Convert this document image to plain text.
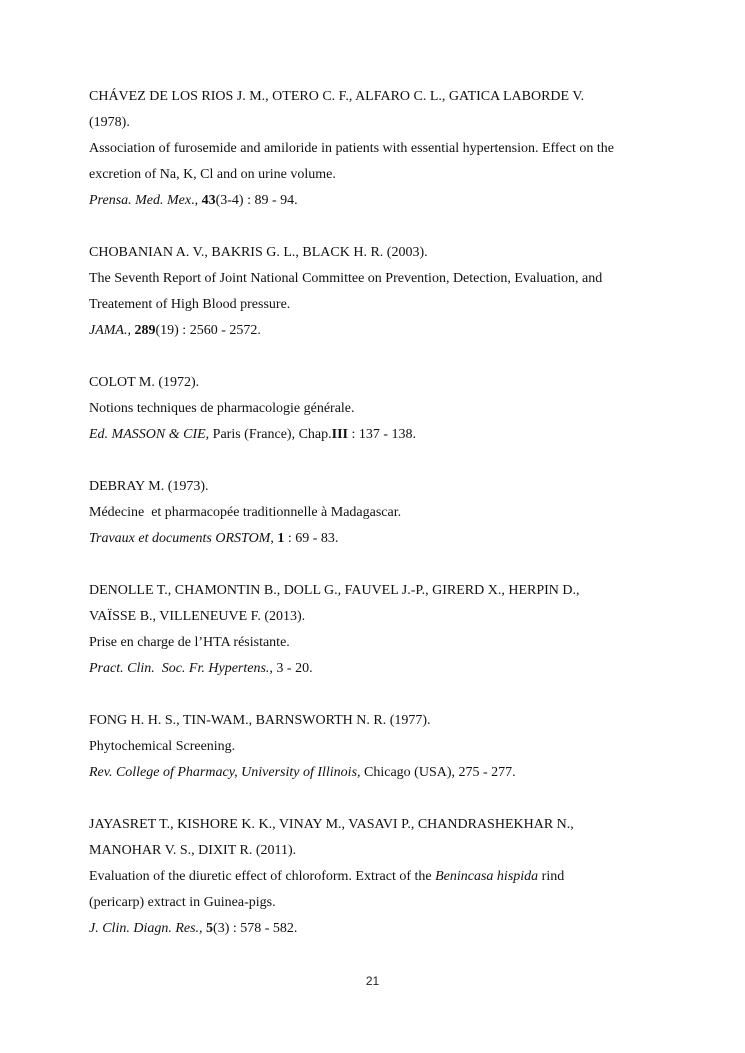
CHÁVEZ DE LOS RIOS J. M., OTERO C. F., ALFARO C. L., GATICA LABORDE V.
(1978).
Association of furosemide and amiloride in patients with essential hypertension. Effect on the
excretion of Na, K, Cl and on urine volume.
Prensa. Med. Mex., 43(3-4) : 89 - 94.
CHOBANIAN A. V., BAKRIS G. L., BLACK H. R. (2003).
The Seventh Report of Joint National Committee on Prevention, Detection, Evaluation, and
Treatement of High Blood pressure.
JAMA., 289(19) : 2560 - 2572.
COLOT M. (1972).
Notions techniques de pharmacologie générale.
Ed. MASSON & CIE, Paris (France), Chap.III : 137 - 138.
DEBRAY M. (1973).
Médecine  et pharmacopée traditionnelle à Madagascar.
Travaux et documents ORSTOM, 1 : 69 - 83.
DENOLLE T., CHAMONTIN B., DOLL G., FAUVEL J.-P., GIRERD X., HERPIN D.,
VAÏSSE B., VILLENEUVE F. (2013).
Prise en charge de l’HTA résistante.
Pract. Clin.  Soc. Fr. Hypertens., 3 - 20.
FONG H. H. S., TIN-WAM., BARNSWORTH N. R. (1977).
Phytochemical Screening.
Rev. College of Pharmacy, University of Illinois, Chicago (USA), 275 - 277.
JAYASRET T., KISHORE K. K., VINAY M., VASAVI P., CHANDRASHEKHAR N.,
MANOHAR V. S., DIXIT R. (2011).
Evaluation of the diuretic effect of chloroform. Extract of the Benincasa hispida rind
(pericarp) extract in Guinea-pigs.
J. Clin. Diagn. Res., 5(3) : 578 - 582.
21
